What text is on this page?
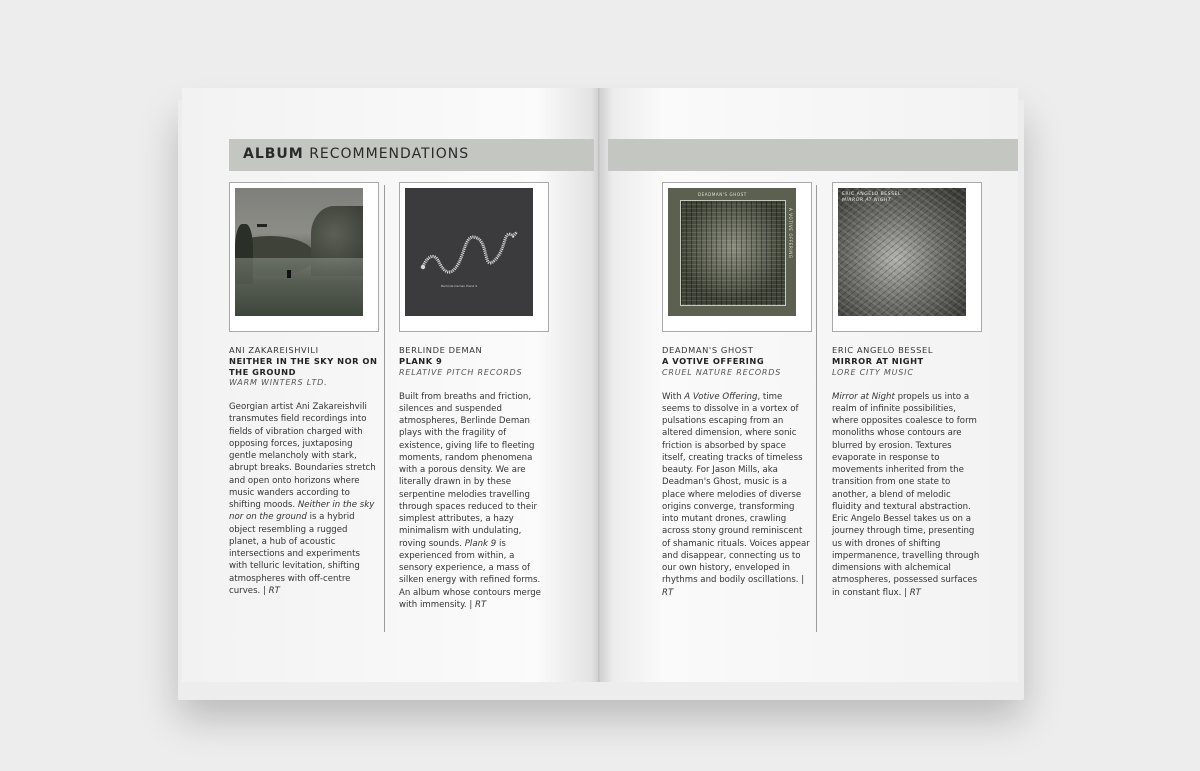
ALBUM RECOMMENDATIONS
ANI ZAKAREISHVILI
NEITHER IN THE SKY NOR ON THE GROUND
WARM WINTERS LTD.
Georgian artist Ani Zakareishvili transmutes field recordings into fields of vibration charged with opposing forces, juxtaposing gentle melancholy with stark, abrupt breaks. Boundaries stretch and open onto horizons where music wanders according to shifting moods. Neither in the sky nor on the ground is a hybrid object resembling a rugged planet, a hub of acoustic intersections and experiments with telluric levitation, shifting atmospheres with off-centre curves. | RT
Berlinde Deman Plank 9
BERLINDE DEMAN
PLANK 9
RELATIVE PITCH RECORDS
Built from breaths and friction, silences and suspended atmospheres, Berlinde Deman plays with the fragility of existence, giving life to fleeting moments, random phenomena with a porous density. We are literally drawn in by these serpentine melodies travelling through spaces reduced to their simplest attributes, a hazy minimalism with undulating, roving sounds. Plank 9 is experienced from within, a sensory experience, a mass of silken energy with refined forms. An album whose contours merge with immensity. | RT
DEADMAN'S GHOST
A VOTIVE OFFERING
DEADMAN'S GHOST
A VOTIVE OFFERING
CRUEL NATURE RECORDS
With A Votive Offering, time seems to dissolve in a vortex of pulsations escaping from an altered dimension, where sonic friction is absorbed by space itself, creating tracks of timeless beauty. For Jason Mills, aka Deadman's Ghost, music is a place where melodies of diverse origins converge, transforming into mutant drones, crawling across stony ground reminiscent of shamanic rituals. Voices appear and disappear, connecting us to our own history, enveloped in rhythms and bodily oscillations. | RT
ERIC ANGELO BESSEL
MIRROR AT NIGHT
ERIC ANGELO BESSEL
MIRROR AT NIGHT
LORE CITY MUSIC
Mirror at Night propels us into a realm of infinite possibilities, where opposites coalesce to form monoliths whose contours are blurred by erosion. Textures evaporate in response to movements inherited from the transition from one state to another, a blend of melodic fluidity and textural abstraction. Eric Angelo Bessel takes us on a journey through time, presenting us with drones of shifting impermanence, travelling through dimensions with alchemical atmospheres, possessed surfaces in constant flux. | RT
